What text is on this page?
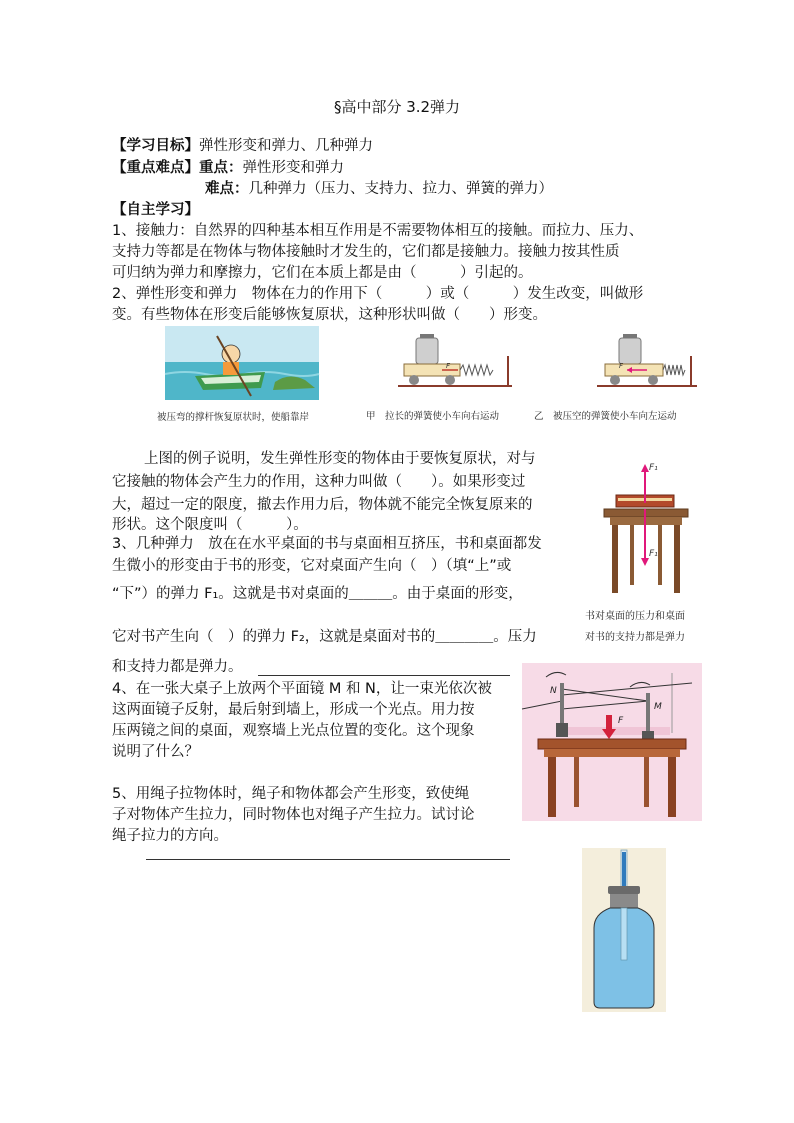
§高中部分 3.2弹力
【学习目标】弹性形变和弹力、几种弹力
【重点难点】重点：弹性形变和弹力
难点：几种弹力（压力、支持力、拉力、弹簧的弹力）
【自主学习】
1、接触力：自然界的四种基本相互作用是不需要物体相互的接触。而拉力、压力、
支持力等都是在物体与物体接触时才发生的，它们都是接触力。接触力按其性质
可归纳为弹力和摩擦力，它们在本质上都是由（　　　）引起的。
2、弹性形变和弹力　物体在力的作用下（　　　）或（　　　）发生改变，叫做形
变。有些物体在形变后能够恢复原状，这种形状叫做（　　）形变。
被压弯的撑杆恢复原状时，使船靠岸
F
甲　拉长的弹簧使小车向右运动
F
乙　被压空的弹簧使小车向左运动
上图的例子说明，发生弹性形变的物体由于要恢复原状，对与
它接触的物体会产生力的作用，这种力叫做（　　）。如果形变过
大，超过一定的限度，撤去作用力后，物体就不能完全恢复原来的
形状。这个限度叫（　　　）。
3、几种弹力　放在在水平桌面的书与桌面相互挤压，书和桌面都发
生微小的形变由于书的形变，它对桌面产生向（　）（填“上”或
“下”）的弹力 F₁。这就是书对桌面的＿＿＿。由于桌面的形变，
它对书产生向（　）的弹力 F₂，这就是桌面对书的＿＿＿＿。压力
和支持力都是弹力。
F₁
F₁
书对桌面的压力和桌面
对书的支持力都是弹力
4、在一张大桌子上放两个平面镜 M 和 N，让一束光依次被
这两面镜子反射，最后射到墙上，形成一个光点。用力按
压两镜之间的桌面，观察墙上光点位置的变化。这个现象
说明了什么？
N
M
F
5、用绳子拉物体时，绳子和物体都会产生形变，致使绳
子对物体产生拉力，同时物体也对绳子产生拉力。试讨论
绳子拉力的方向。
